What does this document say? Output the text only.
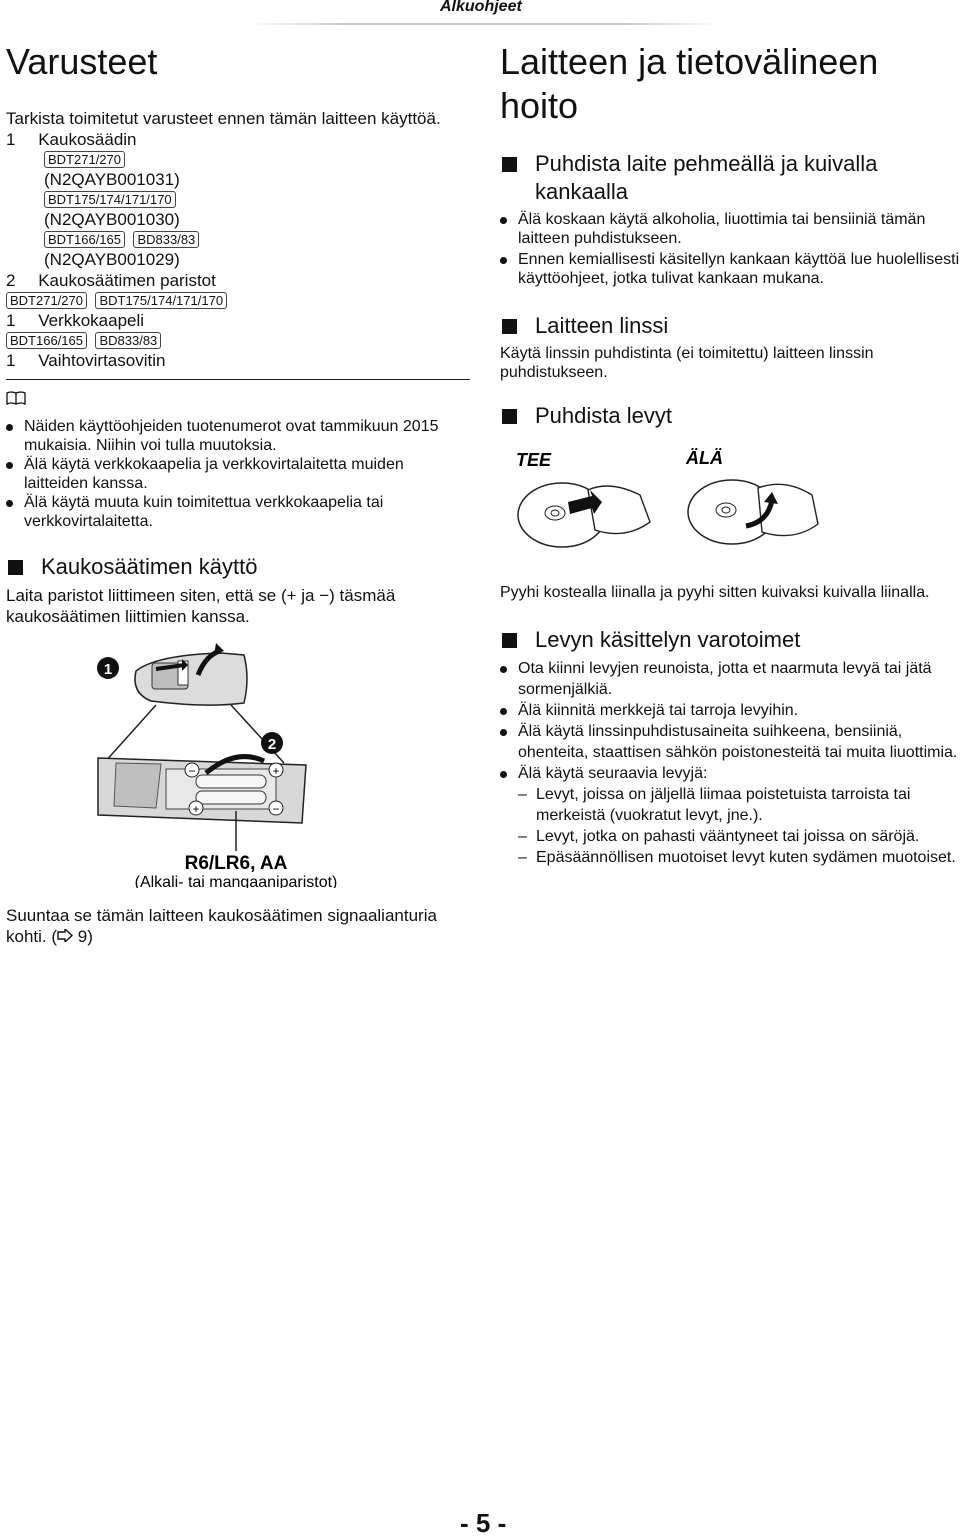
Alkuohjeet
Varusteet

Tarkista toimitetut varusteet ennen tämän laitteen käyttöä.

1 Kaukosäädin
BDT271/270
(N2QAYB001031)
BDT175/174/171/170
(N2QAYB001030)
BDT166/165 BD833/83
(N2QAYB001029)
2 Kaukosäätimen paristot
BDT271/270 BDT175/174/171/170
1 Verkkokaapeli
BDT166/165 BD833/83
1 Vaihtovirtasovitin
Näiden käyttöohjeiden tuotenumerot ovat tammikuun 2015 mukaisia. Niihin voi tulla muutoksia.
Älä käytä verkkokaapelia ja verkkovirtalaitetta muiden laitteiden kanssa.
Älä käytä muuta kuin toimitettua verkkokaapelia tai verkkovirtalaitetta.
Kaukosäätimen käyttö

Laita paristot liittimeen siten, että se (+ ja −) täsmää kaukosäätimen liittimien kanssa.

1
2
−	+
+	−
R6/LR6, AA
(Alkali- tai mangaaniparistot)

Suuntaa se tämän laitteen kaukosäätimen signaalianturia kohti. ( 9)

Laitteen ja tietovälineen hoito
Puhdista laite pehmeällä ja kuivalla kankaalla
Älä koskaan käytä alkoholia, liuottimia tai bensiiniä tämän laitteen puhdistukseen.
Ennen kemiallisesti käsitellyn kankaan käyttöä lue huolellisesti käyttöohjeet, jotka tulivat kankaan mukana.
Laitteen linssi

Käytä linssin puhdistinta (ei toimitettu) laitteen linssin puhdistukseen.

Puhdista levyt
TEE	ÄLÄ

Pyyhi kostealla liinalla ja pyyhi sitten kuivaksi kuivalla liinalla.

Levyn käsittelyn varotoimet
Ota kiinni levyjen reunoista, jotta et naarmuta levyä tai jätä sormenjälkiä.
Älä kiinnitä merkkejä tai tarroja levyihin.
Älä käytä linssinpuhdistusaineita suihkeena, bensiiniä, ohenteita, staattisen sähkön poistonesteitä tai muita liuottimia.
Älä käytä seuraavia levyjä:
– Levyt, joissa on jäljellä liimaa poistetuista tarroista tai merkeistä (vuokratut levyt, jne.).
– Levyt, jotka on pahasti vääntyneet tai joissa on säröjä.
– Epäsäännöllisen muotoiset levyt kuten sydämen muotoiset.
- 5 -
